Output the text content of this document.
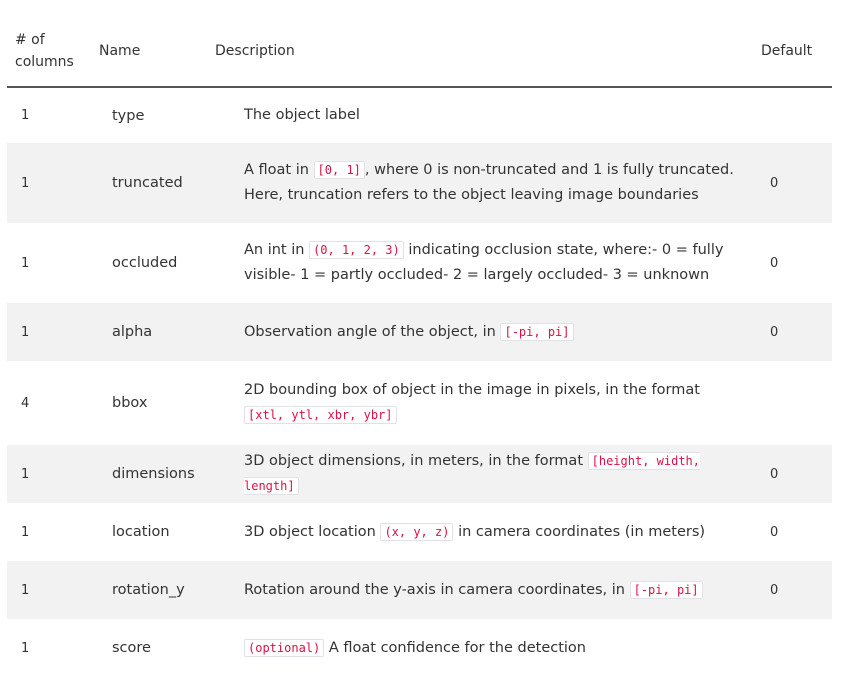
# of columns	Name	Description	Default
1	type	The object label	
1	truncated	A float in [0, 1] , where 0 is non-truncated and 1 is fully truncated. Here, truncation refers to the object leaving image boundaries	0
1	occluded	An int in (0, 1, 2, 3) indicating occlusion state, where:- 0 = fully visible- 1 = partly occluded- 2 = largely occluded- 3 = unknown	0
1	alpha	Observation angle of the object, in [-pi, pi]	0
4	bbox	2D bounding box of object in the image in pixels, in the format [xtl, ytl, xbr, ybr]	
1	dimensions	3D object dimensions, in meters, in the format [height, width, length]	0
1	location	3D object location (x, y, z) in camera coordinates (in meters)	0
1	rotation_y	Rotation around the y-axis in camera coordinates, in [-pi, pi]	0
1	score	(optional) A float confidence for the detection	
